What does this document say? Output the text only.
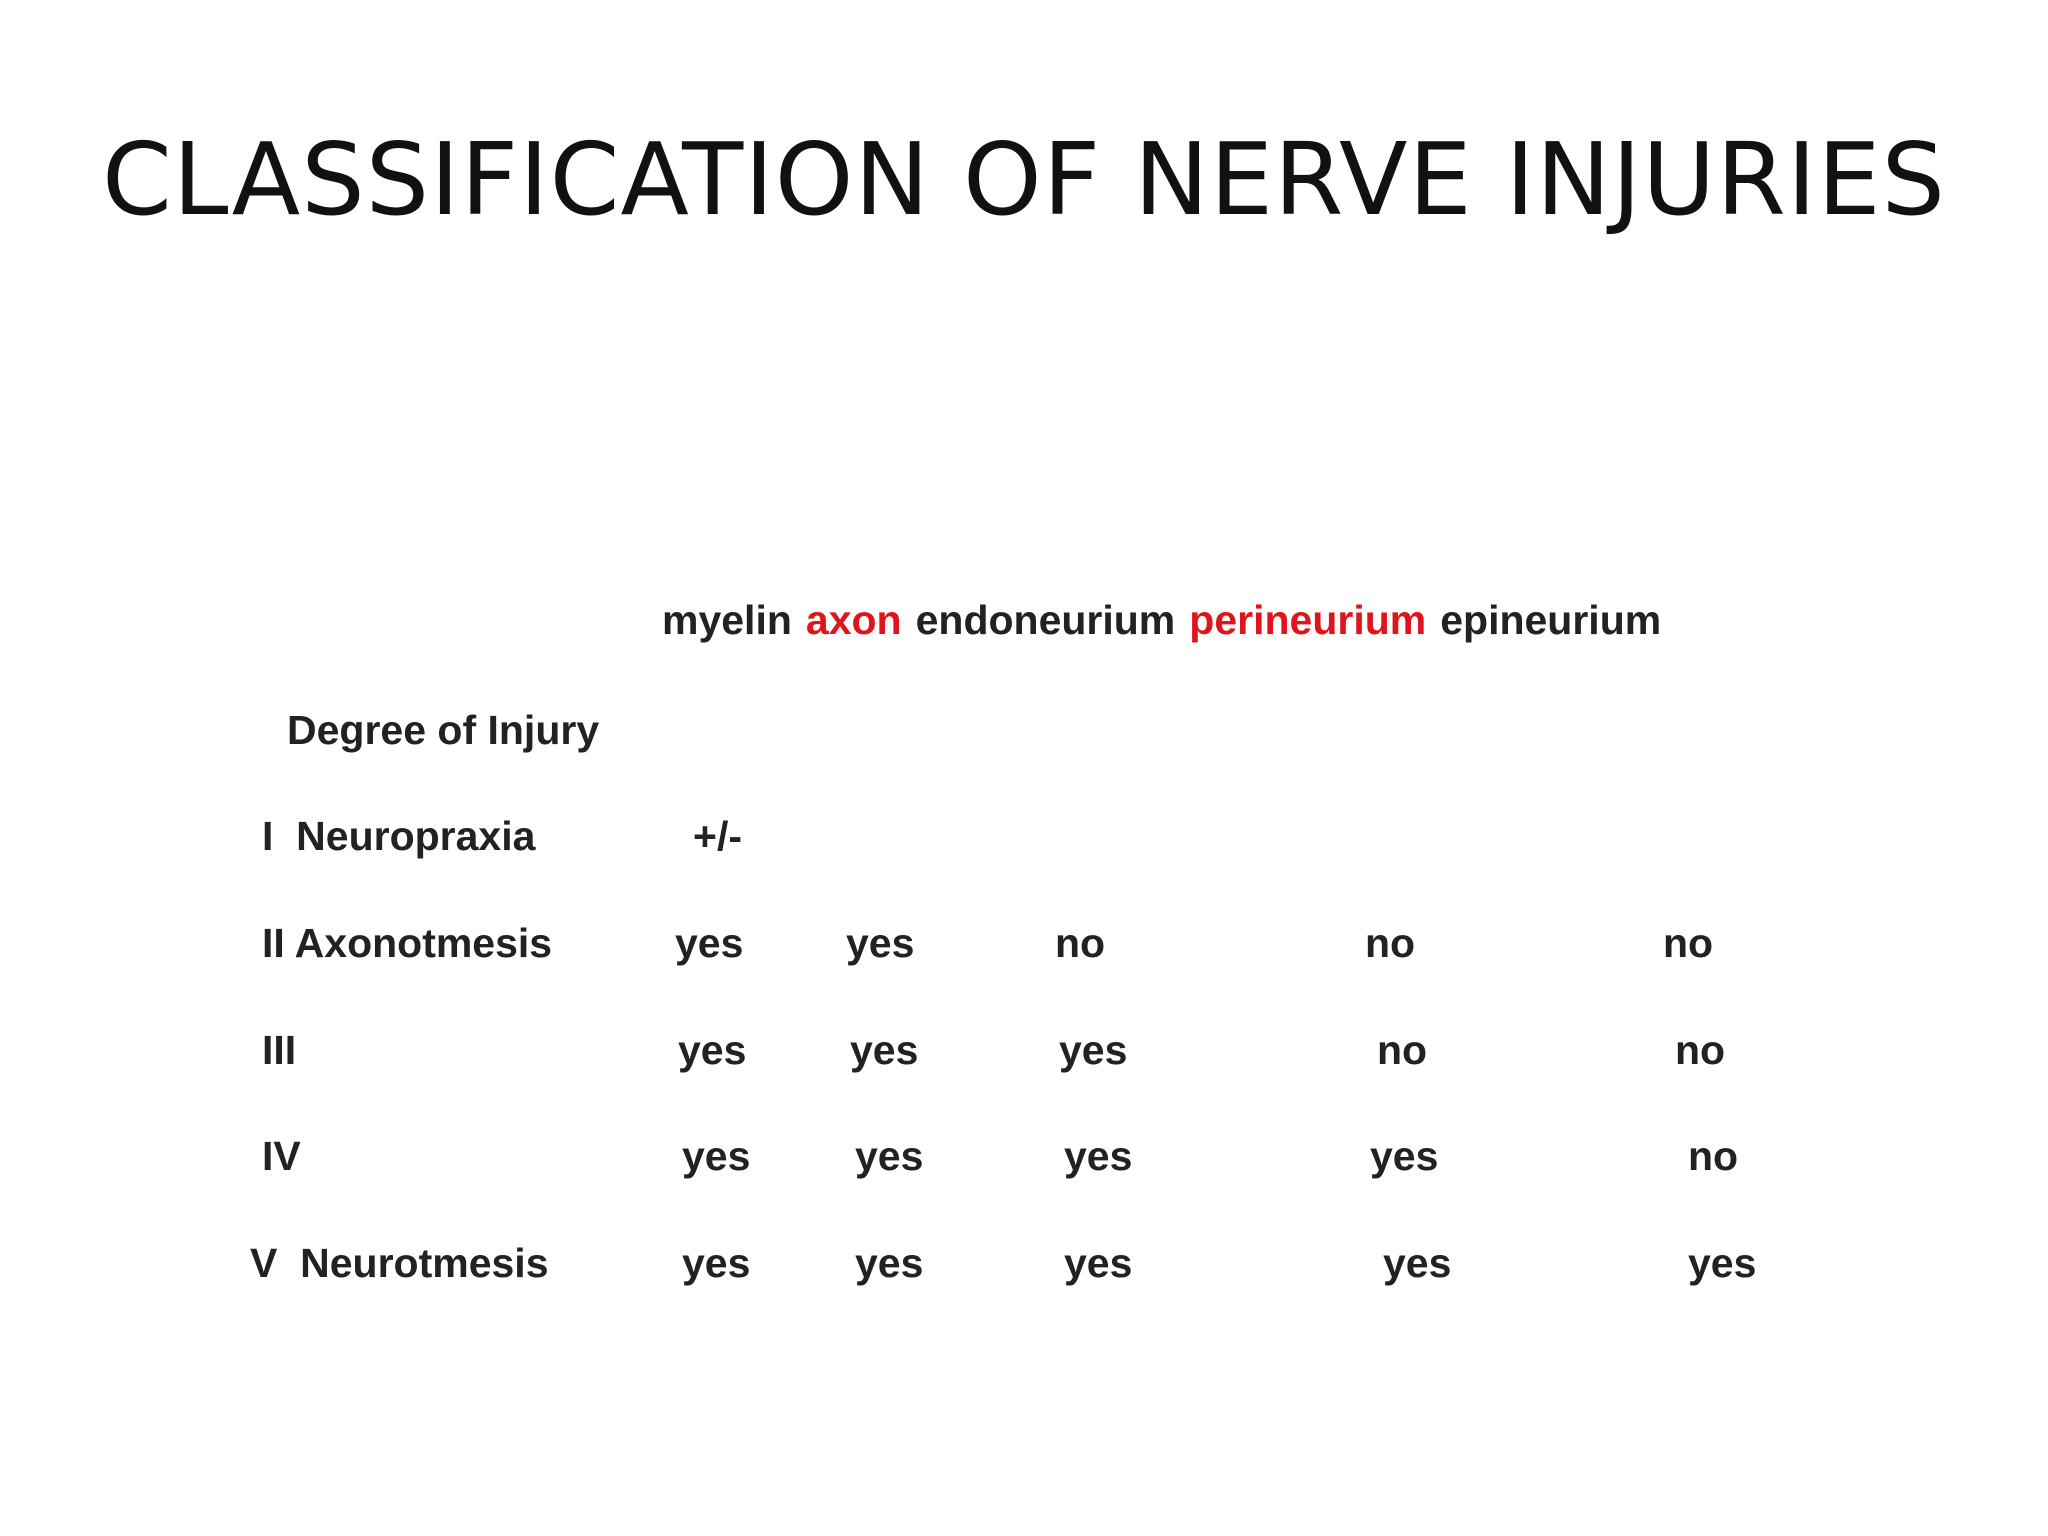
CLASSIFICATION OF NERVE INJURIES
myelin axon endoneurium perineurium epineurium
Degree of Injury
I  Neuropraxia	+/-
II Axonotmesis	yes	yes	no	no	no
III	yes	yes	yes	no	no
IV	yes	yes	yes	yes	no
V  Neurotmesis	yes	yes	yes	yes	yes
